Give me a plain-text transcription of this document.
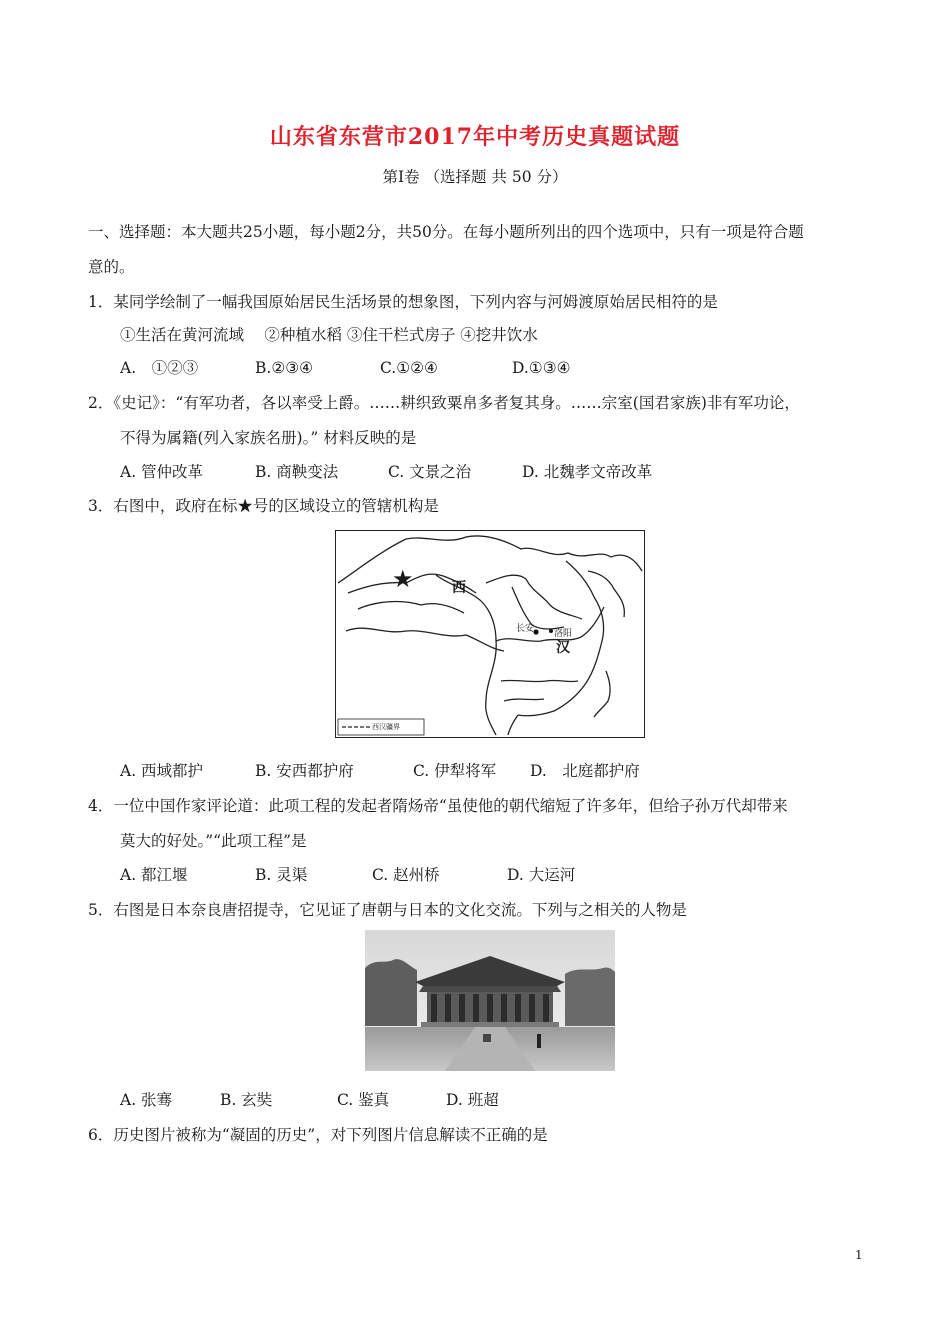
山东省东营市2017年中考历史真题试题
第Ⅰ卷 （选择题 共 50 分）
一、选择题：本大题共25小题，每小题2分，共50分。在每小题所列出的四个选项中，只有一项是符合题
意的。
1．某同学绘制了一幅我国原始居民生活场景的想象图，下列内容与河姆渡原始居民相符的是
①生活在黄河流域　 ②种植水稻 ③住干栏式房子 ④挖井饮水
A.　①②③	B.②③④	C.①②④	D.①③④
2．《史记》：“有军功者，各以率受上爵。……耕织致粟帛多者复其身。……宗室(国君家族)非有军功论，
不得为属籍(列入家族名册)。” 材料反映的是
A. 管仲改革	B. 商鞅变法	C. 文景之治	D. 北魏孝文帝改革
3．右图中，政府在标★号的区域设立的管辖机构是
★	西
汉
长安 洛阳
西汉疆界
A. 西域都护	B. 安西都护府	C. 伊犁将军 D.　北庭都护府
4．一位中国作家评论道：此项工程的发起者隋炀帝“虽使他的朝代缩短了许多年，但给子孙万代却带来
莫大的好处。”“此项工程”是
A. 都江堰	B. 灵渠	C. 赵州桥	D. 大运河
5．右图是日本奈良唐招提寺，它见证了唐朝与日本的文化交流。下列与之相关的人物是
A. 张骞	B. 玄奘	C. 鉴真	D. 班超
6．历史图片被称为“凝固的历史”，对下列图片信息解读不正确的是
1
